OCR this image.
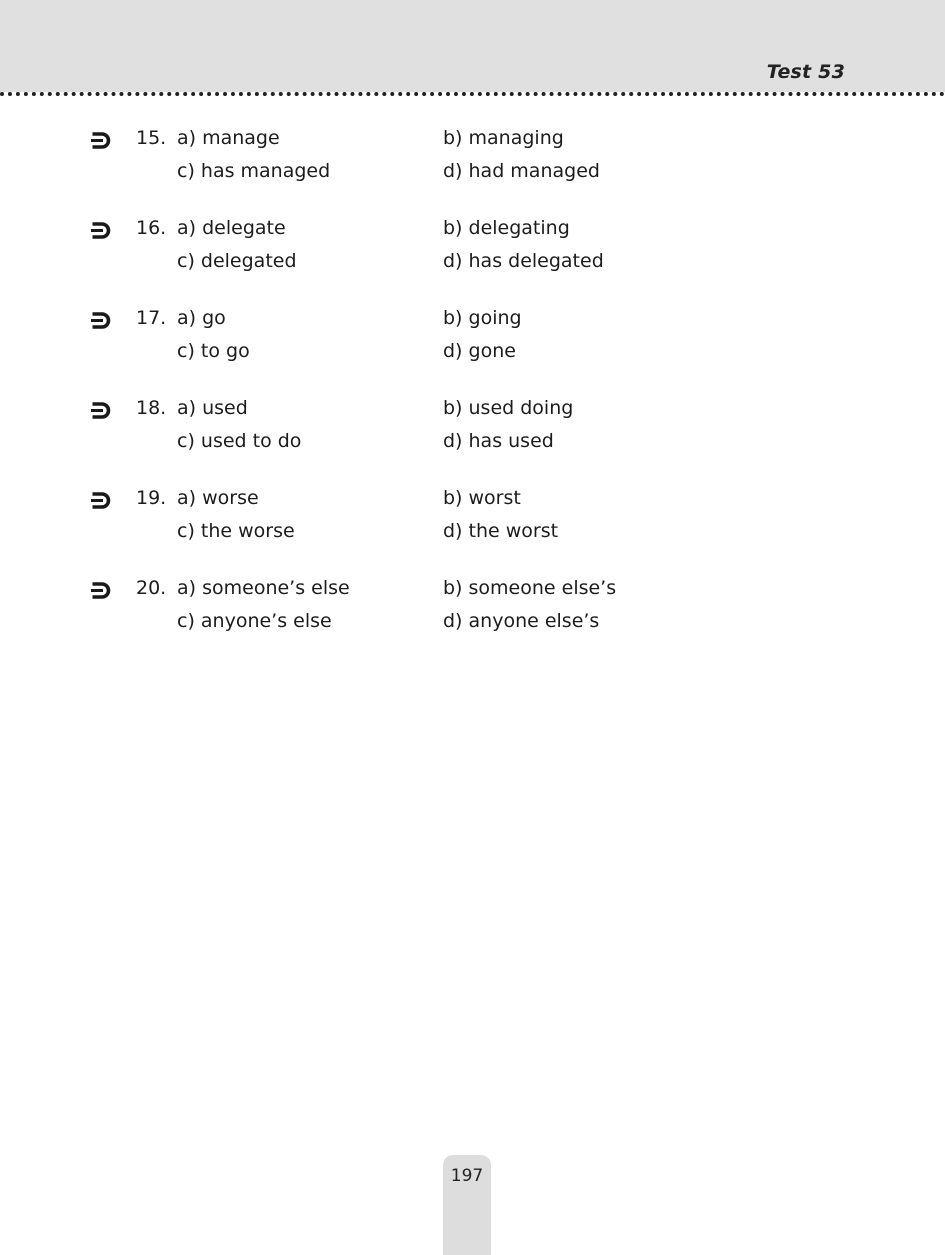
Test 53
15. a) manage	b) managing
c) has managed	d) had managed
16. a) delegate	b) delegating
c) delegated	d) has delegated
17. a) go	b) going
c) to go	d) gone
18. a) used	b) used doing
c) used to do	d) has used
19. a) worse	b) worst
c) the worse	d) the worst
20. a) someone’s else	b) someone else’s
c) anyone’s else	d) anyone else’s
197
